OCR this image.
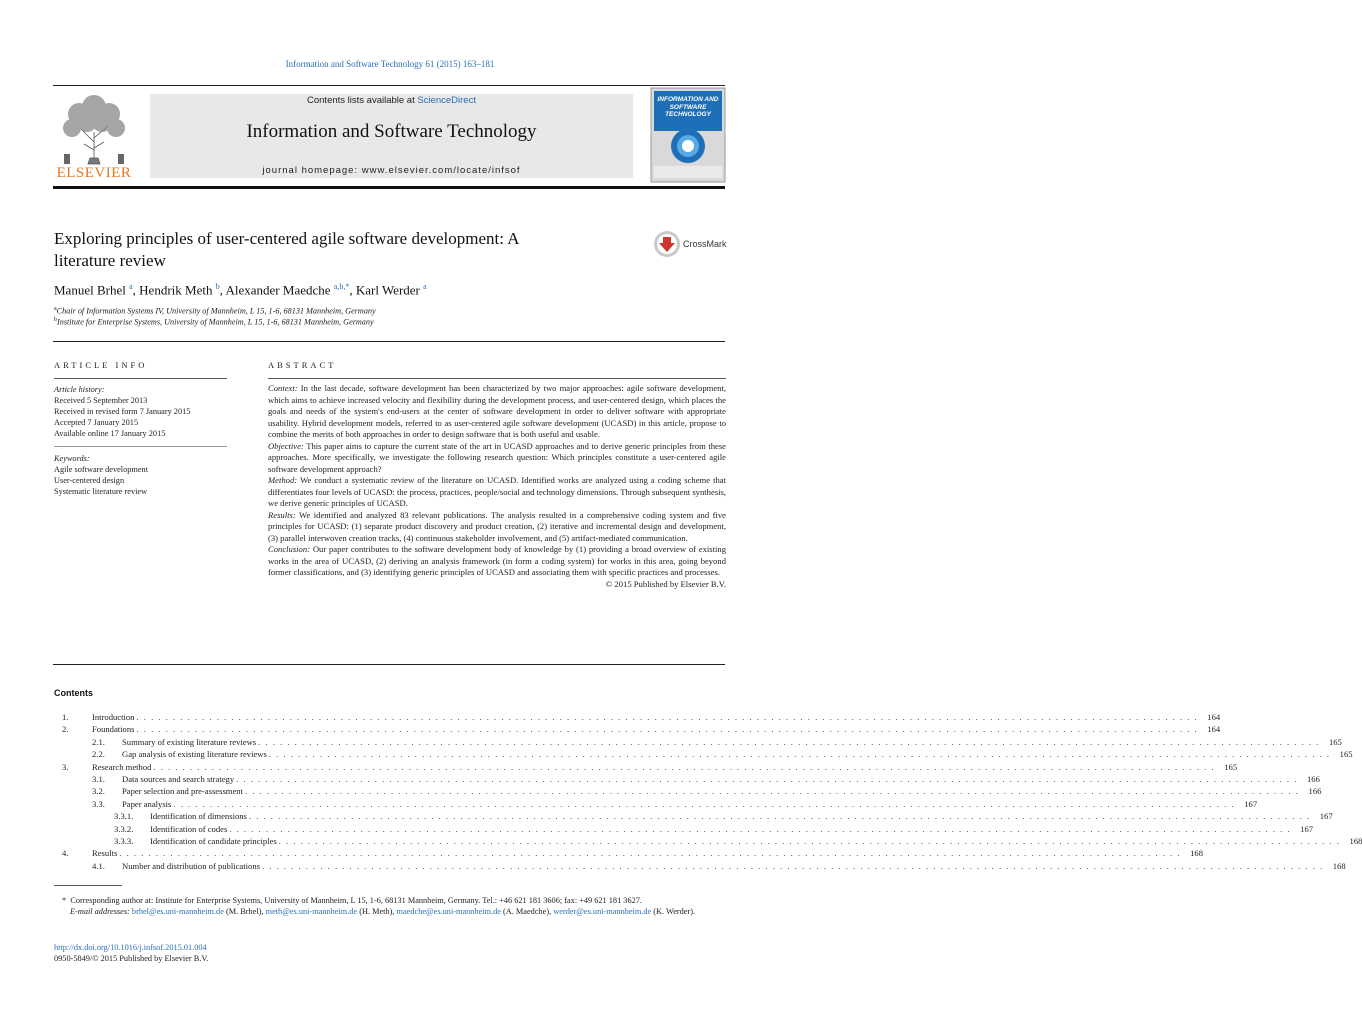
Information and Software Technology 61 (2015) 163–181
ELSEVIER
Contents lists available at ScienceDirect
Information and Software Technology
journal homepage: www.elsevier.com/locate/infsof
INFORMATION AND SOFTWARE TECHNOLOGY
Exploring principles of user-centered agile software development: A
literature review
CrossMark
Manuel Brhel $^a$, Hendrik Meth $^b$, Alexander Maedche $^{a,b,*}$, Karl Werder $^a$
$^a$Chair of Information Systems IV, University of Mannheim, L 15, 1-6, 68131 Mannheim, Germany
$^b$Institute for Enterprise Systems, University of Mannheim, L 15, 1-6, 68131 Mannheim, Germany
ARTICLE INFO
Article history:
Received 5 September 2013
Received in revised form 7 January 2015
Accepted 7 January 2015
Available online 17 January 2015
Keywords:
Agile software development
User-centered design
Systematic literature review
ABSTRACT

Context: In the last decade, software development has been characterized by two major approaches: agile software development, which aims to achieve increased velocity and flexibility during the development process, and user-centered design, which places the goals and needs of the system's end-users at the center of software development in order to deliver software with appropriate usability. Hybrid development models, referred to as user-centered agile software development (UCASD) in this article, propose to combine the merits of both approaches in order to design software that is both useful and usable.

Objective: This paper aims to capture the current state of the art in UCASD approaches and to derive generic principles from these approaches. More specifically, we investigate the following research question: Which principles constitute a user-centered agile software development approach?

Method: We conduct a systematic review of the literature on UCASD. Identified works are analyzed using a coding scheme that differentiates four levels of UCASD: the process, practices, people/social and technology dimensions. Through subsequent synthesis, we derive generic principles of UCASD.

Results: We identified and analyzed 83 relevant publications. The analysis resulted in a comprehensive coding system and five principles for UCASD: (1) separate product discovery and product creation, (2) iterative and incremental design and development, (3) parallel interwoven creation tracks, (4) continuous stakeholder involvement, and (5) artifact-mediated communication.

Conclusion: Our paper contributes to the software development body of knowledge by (1) providing a broad overview of existing works in the area of UCASD, (2) deriving an analysis framework (in form a coding system) for works in this area, going beyond former classifications, and (3) identifying generic principles of UCASD and associating them with specific practices and processes.

© 2015 Published by Elsevier B.V.

Contents
1.	Introduction . . . . . . . . . . . . . . . . . . . . . . . . . . . . . . . . . . . . . . . . . . . . . . . . . . . . . . . . . . . . . . . . . . . . . . . . . . . . . . . . . . . . . . . . . . . . . . . . . . . . . . . . . . . . . . . . . . . . . . . . . . . . . . . . . . . . . . . . . . . . . . . . . .	164
2.	Foundations . . . . . . . . . . . . . . . . . . . . . . . . . . . . . . . . . . . . . . . . . . . . . . . . . . . . . . . . . . . . . . . . . . . . . . . . . . . . . . . . . . . . . . . . . . . . . . . . . . . . . . . . . . . . . . . . . . . . . . . . . . . . . . . . . . . . . . . . . . . . . . . . . .	164
2.1.	Summary of existing literature reviews . . . . . . . . . . . . . . . . . . . . . . . . . . . . . . . . . . . . . . . . . . . . . . . . . . . . . . . . . . . . . . . . . . . . . . . . . . . . . . . . . . . . . . . . . . . . . . . . . . . . . . . . . . . . . . . . . . . . . . . . . . . . . . . . . . . . . . . . . . . . . . . . . .	165
2.2.	Gap analysis of existing literature reviews . . . . . . . . . . . . . . . . . . . . . . . . . . . . . . . . . . . . . . . . . . . . . . . . . . . . . . . . . . . . . . . . . . . . . . . . . . . . . . . . . . . . . . . . . . . . . . . . . . . . . . . . . . . . . . . . . . . . . . . . . . . . . . . . . . . . . . . . . . . . . . . . . .	165
3.	Research method . . . . . . . . . . . . . . . . . . . . . . . . . . . . . . . . . . . . . . . . . . . . . . . . . . . . . . . . . . . . . . . . . . . . . . . . . . . . . . . . . . . . . . . . . . . . . . . . . . . . . . . . . . . . . . . . . . . . . . . . . . . . . . . . . . . . . . . . . . . . . . . . . .	165
3.1.	Data sources and search strategy . . . . . . . . . . . . . . . . . . . . . . . . . . . . . . . . . . . . . . . . . . . . . . . . . . . . . . . . . . . . . . . . . . . . . . . . . . . . . . . . . . . . . . . . . . . . . . . . . . . . . . . . . . . . . . . . . . . . . . . . . . . . . . . . . . . . . . . . . . . . . . . . . .	166
3.2.	Paper selection and pre-assessment . . . . . . . . . . . . . . . . . . . . . . . . . . . . . . . . . . . . . . . . . . . . . . . . . . . . . . . . . . . . . . . . . . . . . . . . . . . . . . . . . . . . . . . . . . . . . . . . . . . . . . . . . . . . . . . . . . . . . . . . . . . . . . . . . . . . . . . . . . . . . . . . .	166
3.3.	Paper analysis . . . . . . . . . . . . . . . . . . . . . . . . . . . . . . . . . . . . . . . . . . . . . . . . . . . . . . . . . . . . . . . . . . . . . . . . . . . . . . . . . . . . . . . . . . . . . . . . . . . . . . . . . . . . . . . . . . . . . . . . . . . . . . . . . . . . . . . . . . . . . . . . . .	167
3.3.1.	Identification of dimensions . . . . . . . . . . . . . . . . . . . . . . . . . . . . . . . . . . . . . . . . . . . . . . . . . . . . . . . . . . . . . . . . . . . . . . . . . . . . . . . . . . . . . . . . . . . . . . . . . . . . . . . . . . . . . . . . . . . . . . . . . . . . . . . . . . . . . . . . . . . . . . . . . .	167
3.3.2.	Identification of codes . . . . . . . . . . . . . . . . . . . . . . . . . . . . . . . . . . . . . . . . . . . . . . . . . . . . . . . . . . . . . . . . . . . . . . . . . . . . . . . . . . . . . . . . . . . . . . . . . . . . . . . . . . . . . . . . . . . . . . . . . . . . . . . . . . . . . . . . . . . . . . . . . .	167
3.3.3.	Identification of candidate principles . . . . . . . . . . . . . . . . . . . . . . . . . . . . . . . . . . . . . . . . . . . . . . . . . . . . . . . . . . . . . . . . . . . . . . . . . . . . . . . . . . . . . . . . . . . . . . . . . . . . . . . . . . . . . . . . . . . . . . . . . . . . . . . . . . . . . . . . . . . . . . . . . .	168
4.	Results . . . . . . . . . . . . . . . . . . . . . . . . . . . . . . . . . . . . . . . . . . . . . . . . . . . . . . . . . . . . . . . . . . . . . . . . . . . . . . . . . . . . . . . . . . . . . . . . . . . . . . . . . . . . . . . . . . . . . . . . . . . . . . . . . . . . . . . . . . . . . . . . . .	168
4.1.	Number and distribution of publications . . . . . . . . . . . . . . . . . . . . . . . . . . . . . . . . . . . . . . . . . . . . . . . . . . . . . . . . . . . . . . . . . . . . . . . . . . . . . . . . . . . . . . . . . . . . . . . . . . . . . . . . . . . . . . . . . . . . . . . . . . . . . . . . . . . . . . . . . . . . . . . . . .	168
* Corresponding author at: Institute for Enterprise Systems, University of Mannheim, L 15, 1-6, 68131 Mannheim, Germany. Tel.: +46 621 181 3606; fax: +49 621 181 3627.
E-mail addresses: brhel@es.uni-mannheim.de (M. Brhel), meth@es.uni-mannheim.de (H. Meth), maedche@es.uni-mannheim.de (A. Maedche), werder@es.uni-mannheim.de (K. Werder).
http://dx.doi.org/10.1016/j.infsof.2015.01.004
0950-5849/© 2015 Published by Elsevier B.V.
